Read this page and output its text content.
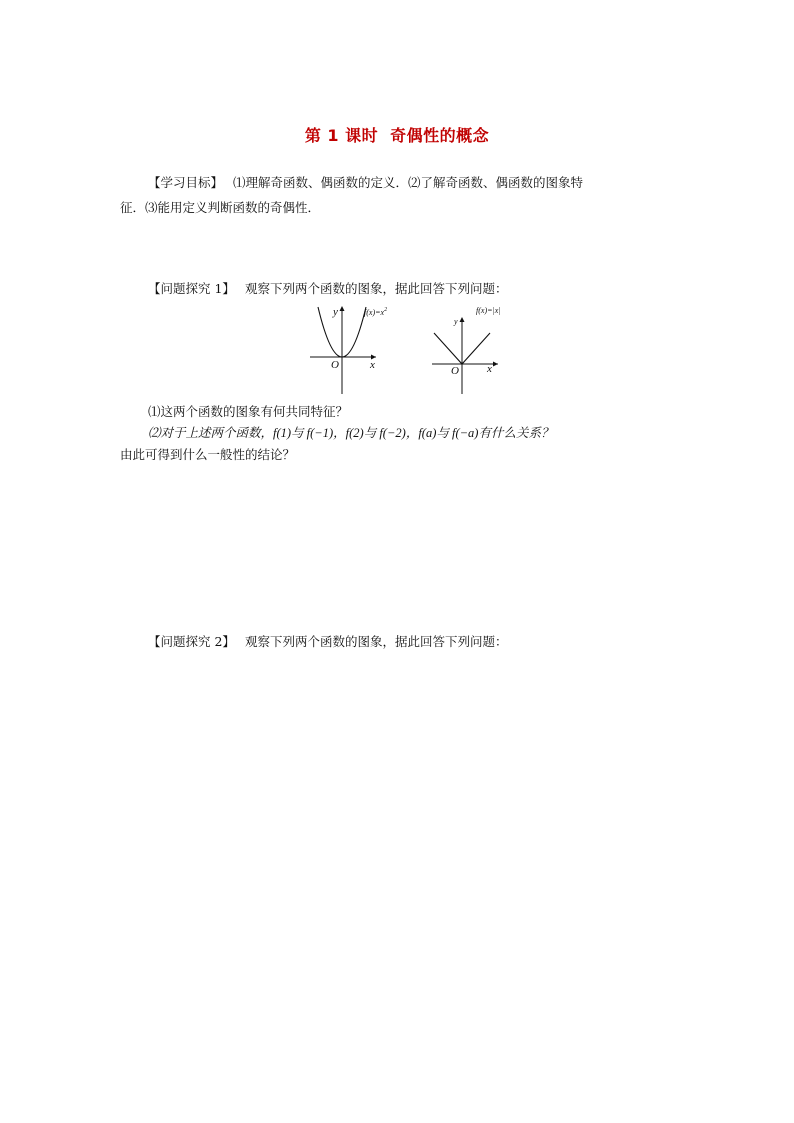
第 1 课时 奇偶性的概念
【学习目标】 ⑴理解奇函数、偶函数的定义．⑵了解奇函数、偶函数的图象特
征．⑶能用定义判断函数的奇偶性．
【问题探究 1】 观察下列两个函数的图象，据此回答下列问题：
y
x
O
$f(x)=x^2$
y
x
O
f(x)=|x|
⑴这两个函数的图象有何共同特征？
⑵对于上述两个函数，f(1)与 f(−1)，f(2)与 f(−2)，f(a)与 f(−a)有什么关系？
由此可得到什么一般性的结论？
【问题探究 2】 观察下列两个函数的图象，据此回答下列问题：
